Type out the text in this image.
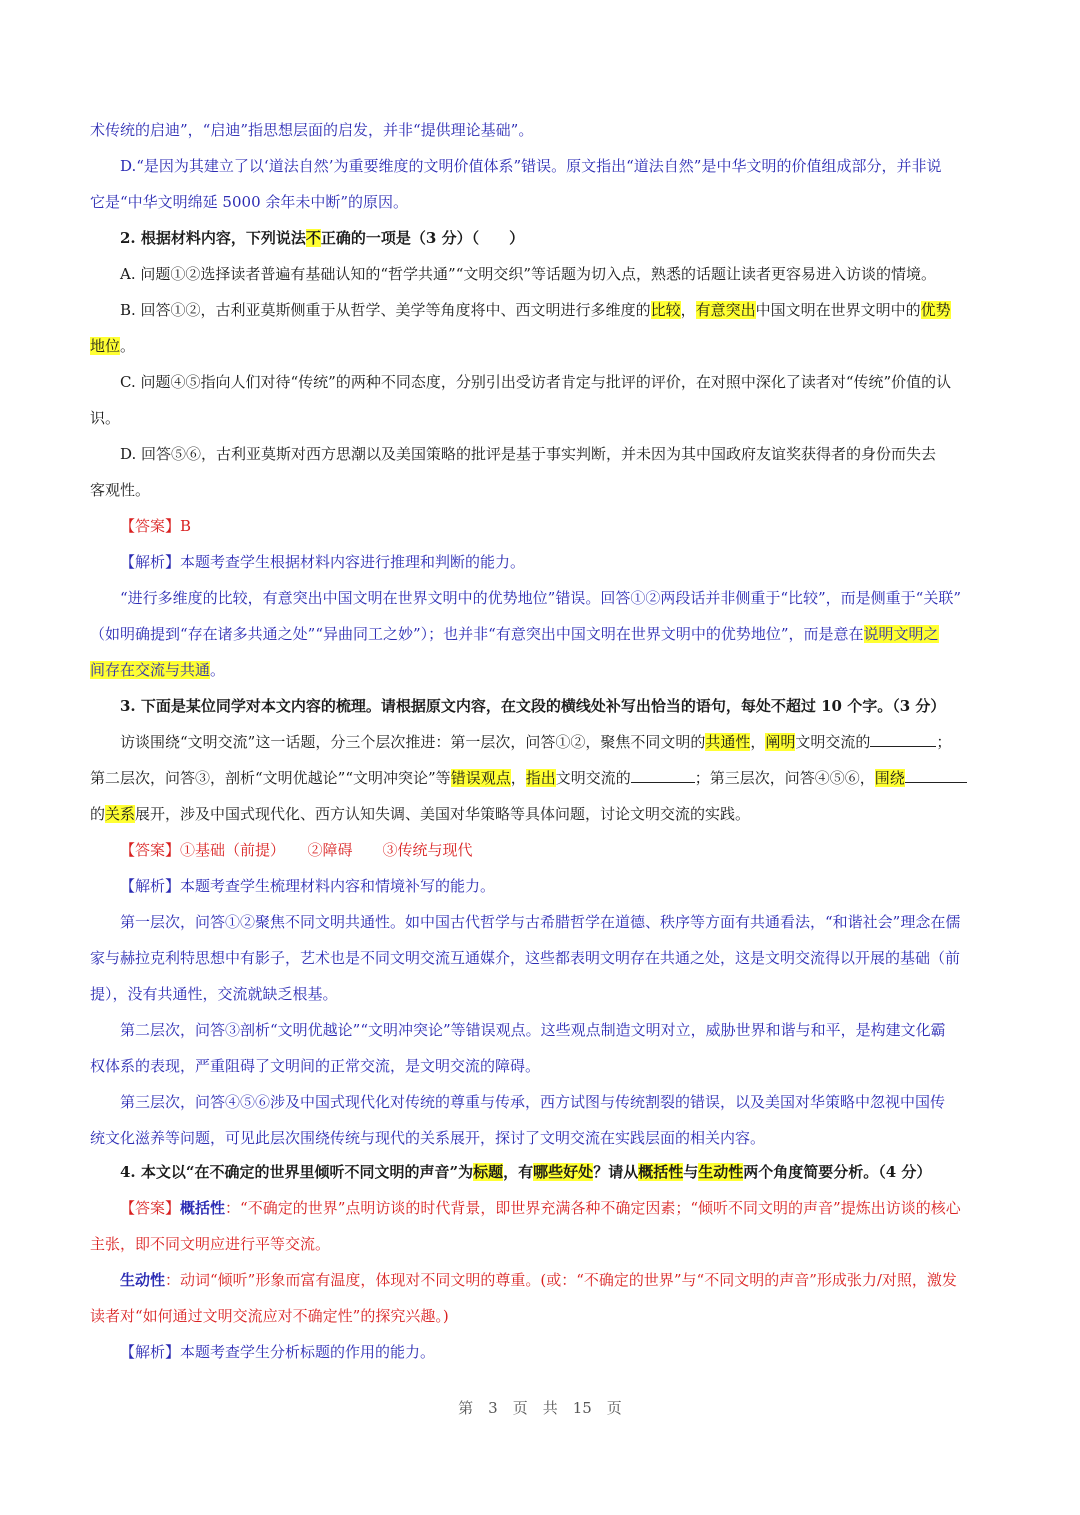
术传统的启迪”，“启迪”指思想层面的启发，并非“提供理论基础”。
D.“是因为其建立了以‘道法自然’为重要维度的文明价值体系”错误。原文指出“道法自然”是中华文明的价值组成部分，并非说
它是“中华文明绵延 5000 余年未中断”的原因。
2. 根据材料内容，下列说法不正确的一项是（3 分）（　　）
A. 问题①②选择读者普遍有基础认知的“哲学共通”“文明交织”等话题为切入点，熟悉的话题让读者更容易进入访谈的情境。
B. 回答①②，古利亚莫斯侧重于从哲学、美学等角度将中、西文明进行多维度的比较，有意突出中国文明在世界文明中的优势
地位。
C. 问题④⑤指向人们对待“传统”的两种不同态度，分别引出受访者肯定与批评的评价，在对照中深化了读者对“传统”价值的认
识。
D. 回答⑤⑥，古利亚莫斯对西方思潮以及美国策略的批评是基于事实判断，并未因为其中国政府友谊奖获得者的身份而失去
客观性。
【答案】B
【解析】本题考查学生根据材料内容进行推理和判断的能力。
“进行多维度的比较，有意突出中国文明在世界文明中的优势地位”错误。回答①②两段话并非侧重于“比较”，而是侧重于“关联”
（如明确提到“存在诸多共通之处”“异曲同工之妙”）；也并非“有意突出中国文明在世界文明中的优势地位”，而是意在说明文明之
间存在交流与共通。
3. 下面是某位同学对本文内容的梳理。请根据原文内容，在文段的横线处补写出恰当的语句，每处不超过 10 个字。（3 分）
访谈围绕“文明交流”这一话题，分三个层次推进：第一层次，问答①②，聚焦不同文明的共通性，阐明文明交流的	；
第二层次，问答③，剖析“文明优越论”“文明冲突论”等错误观点，指出文明交流的	；第三层次，问答④⑤⑥，围绕
的关系展开，涉及中国式现代化、西方认知失调、美国对华策略等具体问题，讨论文明交流的实践。
【答案】①基础（前提）　　②障碍　　③传统与现代
【解析】本题考查学生梳理材料内容和情境补写的能力。
第一层次，问答①②聚焦不同文明共通性。如中国古代哲学与古希腊哲学在道德、秩序等方面有共通看法，“和谐社会”理念在儒
家与赫拉克利特思想中有影子，艺术也是不同文明交流互通媒介，这些都表明文明存在共通之处，这是文明交流得以开展的基础（前
提），没有共通性，交流就缺乏根基。
第二层次，问答③剖析“文明优越论”“文明冲突论”等错误观点。这些观点制造文明对立，威胁世界和谐与和平，是构建文化霸
权体系的表现，严重阻碍了文明间的正常交流，是文明交流的障碍。
第三层次，问答④⑤⑥涉及中国式现代化对传统的尊重与传承，西方试图与传统割裂的错误，以及美国对华策略中忽视中国传
统文化滋养等问题，可见此层次围绕传统与现代的关系展开，探讨了文明交流在实践层面的相关内容。
4. 本文以“在不确定的世界里倾听不同文明的声音”为标题，有哪些好处？请从概括性与生动性两个角度简要分析。（4 分）
【答案】概括性：“不确定的世界”点明访谈的时代背景，即世界充满各种不确定因素；“倾听不同文明的声音”提炼出访谈的核心
主张，即不同文明应进行平等交流。
生动性：动词“倾听”形象而富有温度，体现对不同文明的尊重。(或：“不确定的世界”与“不同文明的声音”形成张力/对照，激发
读者对“如何通过文明交流应对不确定性”的探究兴趣。)
【解析】本题考查学生分析标题的作用的能力。
第　3　页　共　15　页
